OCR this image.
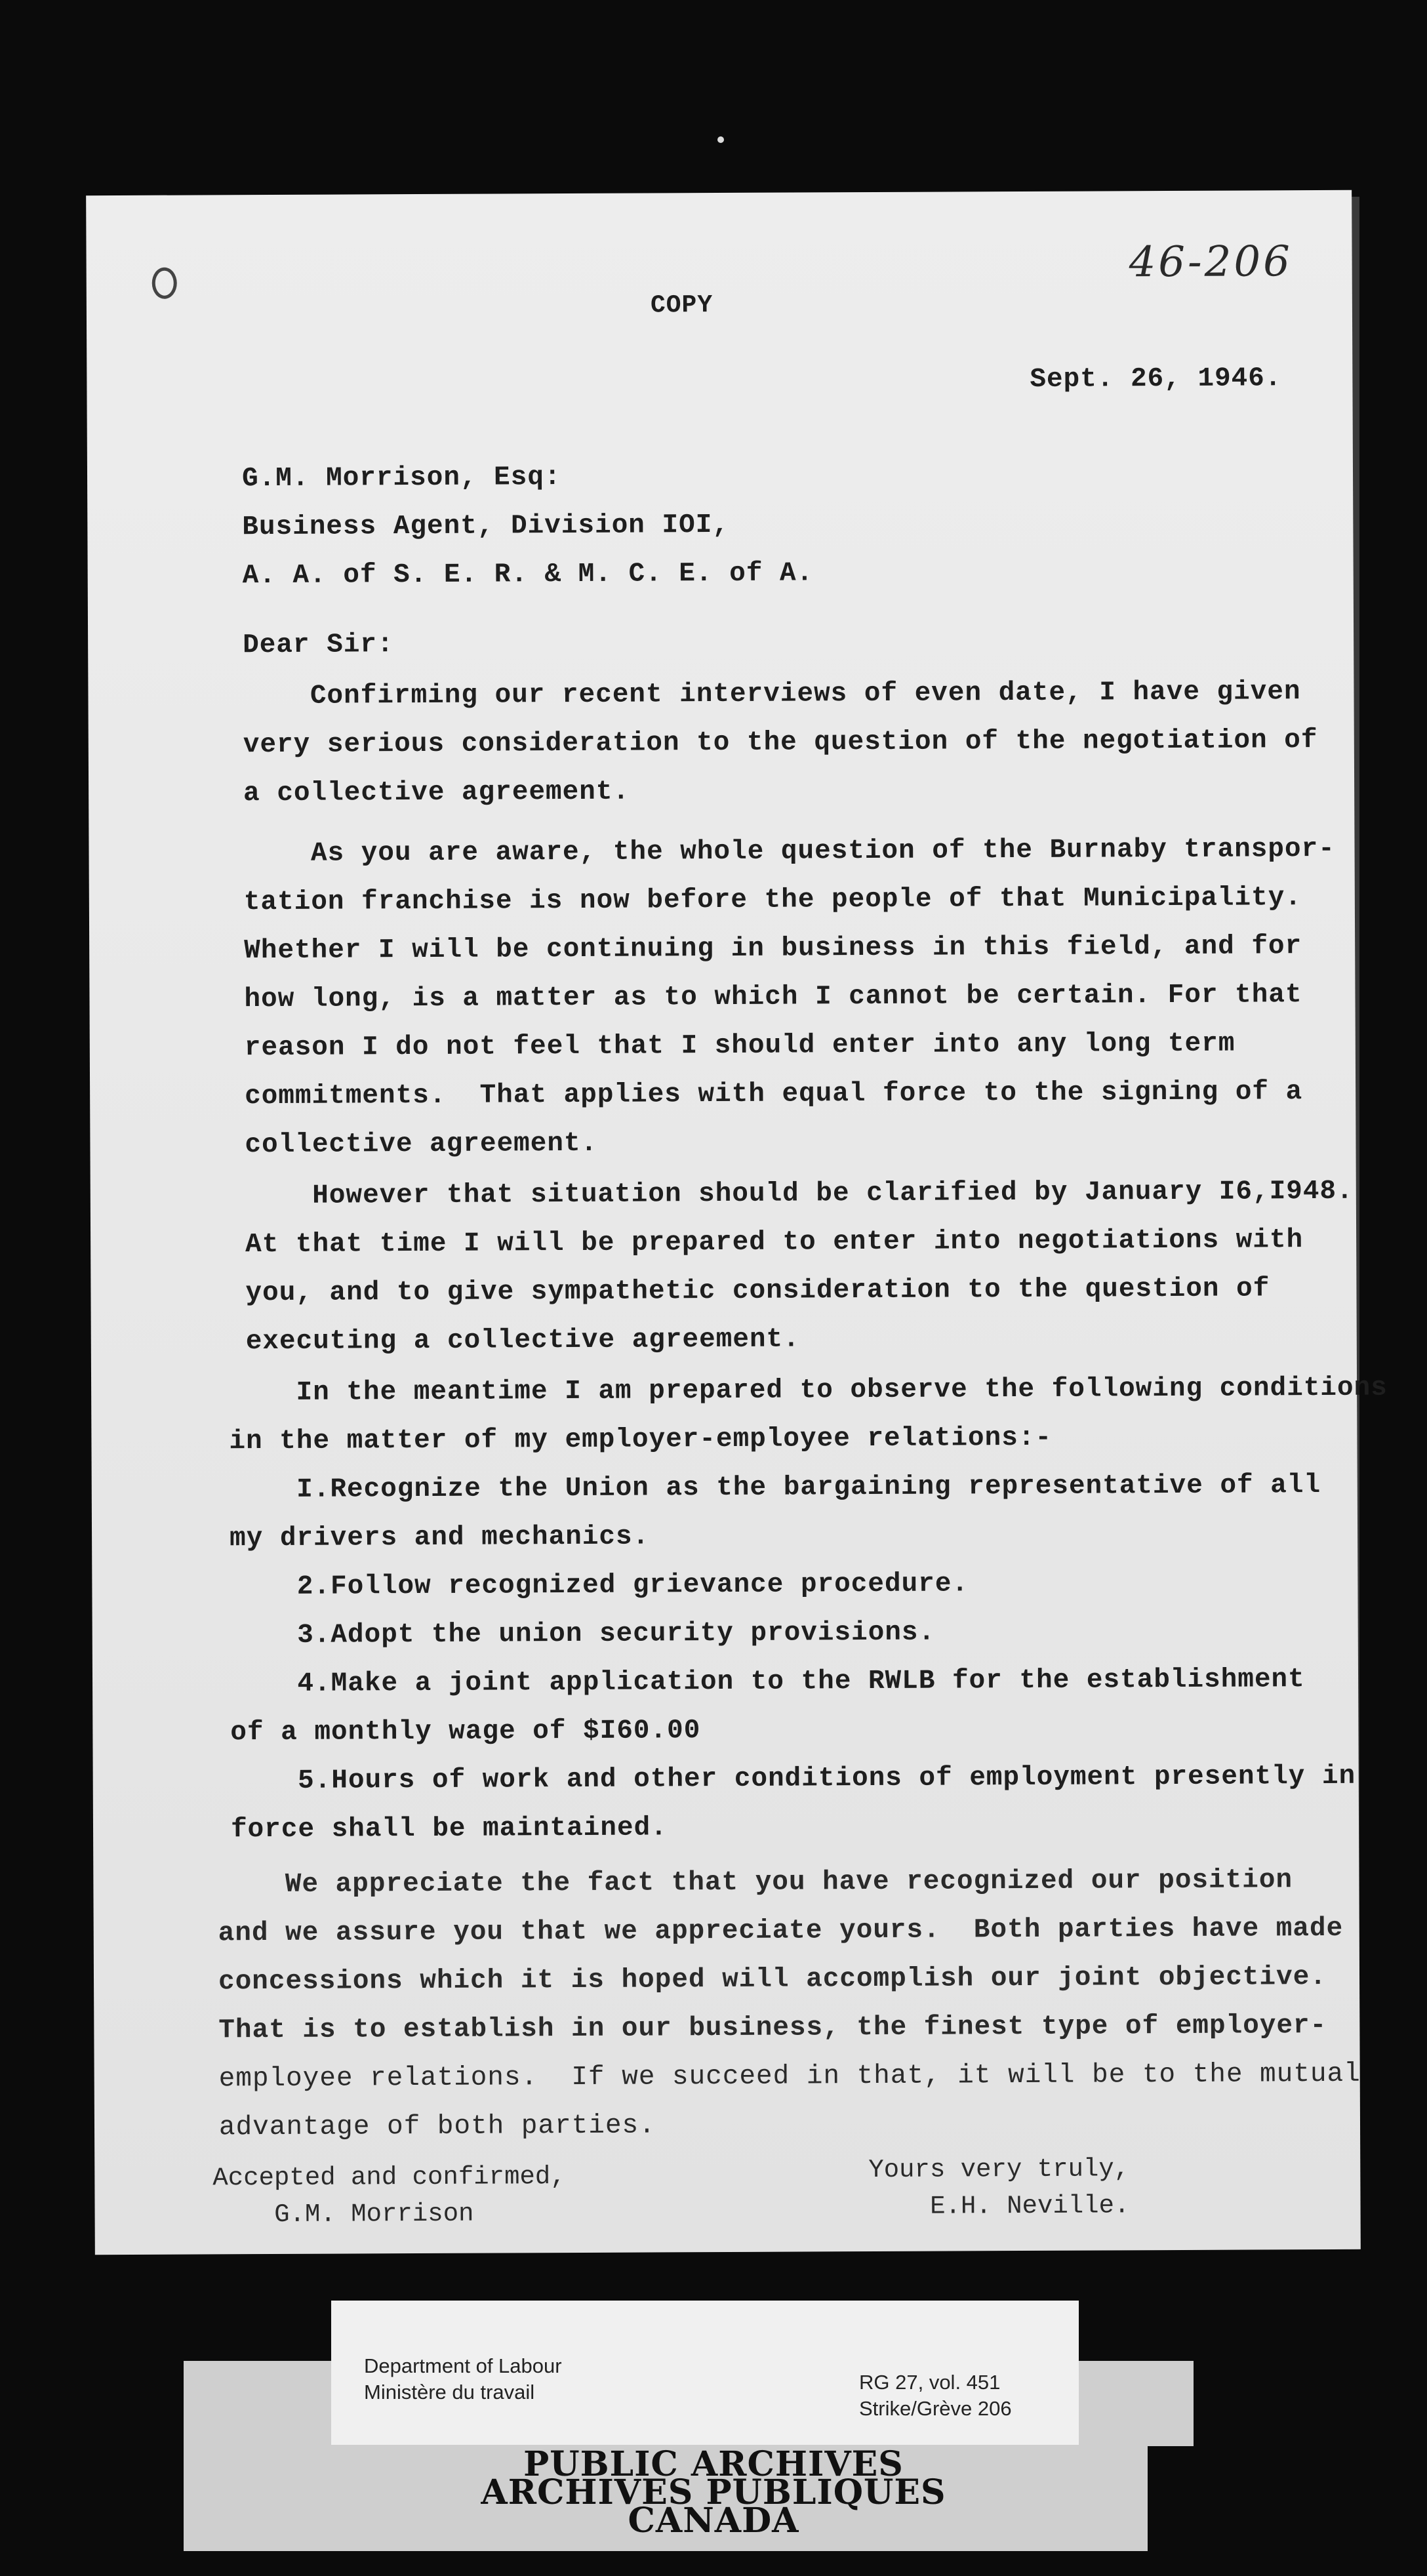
46-206
COPY
Sept. 26, 1946.
G.M. Morrison, Esq:
Business Agent, Division IOI,
A. A. of S. E. R. & M. C. E. of A.
Dear Sir:
Confirming our recent interviews of even date, I have given
very serious consideration to the question of the negotiation of
a collective agreement.
As you are aware, the whole question of the Burnaby transpor-
tation franchise is now before the people of that Municipality.
Whether I will be continuing in business in this field, and for
how long, is a matter as to which I cannot be certain. For that
reason I do not feel that I should enter into any long term
commitments.  That applies with equal force to the signing of a
collective agreement.
However that situation should be clarified by January I6,I948.
At that time I will be prepared to enter into negotiations with
you, and to give sympathetic consideration to the question of
executing a collective agreement.
In the meantime I am prepared to observe the following conditions
in the matter of my employer-employee relations:-
I.Recognize the Union as the bargaining representative of all
my drivers and mechanics.
2.Follow recognized grievance procedure.
3.Adopt the union security provisions.
4.Make a joint application to the RWLB for the establishment
of a monthly wage of $I60.00
5.Hours of work and other conditions of employment presently in
force shall be maintained.
We appreciate the fact that you have recognized our position
and we assure you that we appreciate yours.  Both parties have made
concessions which it is hoped will accomplish our joint objective.
That is to establish in our business, the finest type of employer-
employee relations.  If we succeed in that, it will be to the mutual
advantage of both parties.
Accepted and confirmed,
G.M. Morrison
Yours very truly,
E.H. Neville.
Department of Labour
Ministère du travail	RG 27, vol. 451
Strike/Grève 206
PUBLIC ARCHIVES
ARCHIVES PUBLIQUES
CANADA
